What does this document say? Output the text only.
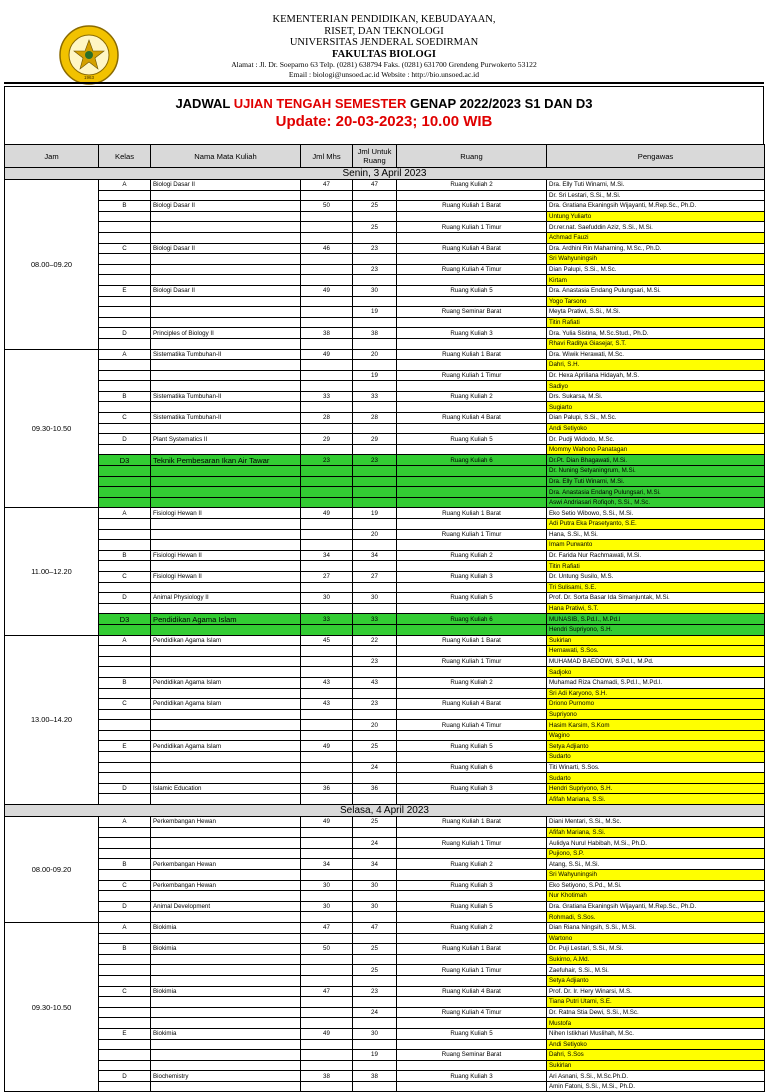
1963
KEMENTERIAN PENDIDIKAN, KEBUDAYAAN,
RISET, DAN TEKNOLOGI
UNIVERSITAS JENDERAL SOEDIRMAN
FAKULTAS BIOLOGI
Alamat : Jl. Dr. Soeparno 63 Telp. (0281) 638794 Faks. (0281) 631700 Grendeng Purwokerto 53122
Email : biologi@unsoed.ac.id Website : http://bio.unsoed.ac.id
JADWAL UJIAN TENGAH SEMESTER GENAP 2022/2023 S1 DAN D3
Update: 20-03-2023; 10.00 WIB
Jam	Kelas	Nama Mata Kuliah	Jml Mhs	Jml Untuk Ruang	Ruang	Pengawas
Senin, 3 April 2023						
08.00–09.20	A	Biologi Dasar II	47	47	Ruang Kuliah 2	Dra. Elly Tuti Winarni, M.Si.
						Dr. Sri Lestari, S.Si., M.Si.
	B	Biologi Dasar II	50	25	Ruang Kuliah 1 Barat	Dra. Gratiana Ekaningsih Wijayanti, M.Rep.Sc., Ph.D.
						Untung Yuliarto
				25	Ruang Kuliah 1 Timur	Dr.rer.nat. Saefuddin Aziz, S.Si., M.Si.
						Achmad Fauzi
	C	Biologi Dasar II	46	23	Ruang Kuliah 4 Barat	Dra. Ardhini Rin Maharning, M.Sc., Ph.D.
						Sri Wahyuningsih
				23	Ruang Kuliah 4 Timur	Dian Palupi, S.Si., M.Sc.
						Kirtam
	E	Biologi Dasar II	49	30	Ruang Kuliah 5	Dra. Anastasia Endang Pulungsari, M.Si.
						Yogo Tarsono
				19	Ruang Seminar Barat	Meyta Pratiwi, S.Si., M.Si.
						Titin Rafiati
	D	Principles of Biology II	38	38	Ruang Kuliah 3	Dra. Yulia Sistina, M.Sc.Stud., Ph.D.
						Rhavi Raditya Giasejar, S.T.
09.30-10.50	A	Sistematika Tumbuhan-II	49	20	Ruang Kuliah 1 Barat	Dra. Wiwik Herawati, M.Sc.
						Dahri, S.H.
				19	Ruang Kuliah 1 Timur	Dr. Hexa Apriliana Hidayah, M.S.
						Sadiyo
	B	Sistematika Tumbuhan-II	33	33	Ruang Kuliah 2	Drs. Sukarsa, M.Si.
						Sugiarto
	C	Sistematika Tumbuhan-II	28	28	Ruang Kuliah 4 Barat	Dian Palupi, S.Si., M.Sc.
						Andi Setiyoko
	D	Plant Systematics II	29	29	Ruang Kuliah 5	Dr. Pudji Widodo, M.Sc.
						Mommy Wahono Panatagan
	D3	Teknik Pembesaran Ikan Air Tawar	23	23	Ruang Kuliah 6	Dr.Pt. Dian Bhagawati, M.Si.
						Dr. Nuning Setyaningrum, M.Si.
						Dra. Elly Tuti Winarni, M.Si.
						Dra. Anastasia Endang Pulungsari, M.Si.
						Aswi Andriasari Rofiqoh, S.Si., M.Sc.
11.00–12.20	A	Fisiologi Hewan II	49	19	Ruang Kuliah 1 Barat	Eko Setio Wibowo, S.Si., M.Si.
						Adi Putra Eka Prasetyanto, S.E.
				20	Ruang Kuliah 1 Timur	Hana, S.Si., M.Si.
						Imam Purwanto
	B	Fisiologi Hewan II	34	34	Ruang Kuliah 2	Dr. Farida Nur Rachmawati, M.Si.
						Titin Rafiati
	C	Fisiologi Hewan II	27	27	Ruang Kuliah 3	Dr. Untung Susilo, M.S.
						Tri Sulisami, S.E.
	D	Animal Physiology II	30	30	Ruang Kuliah 5	Prof. Dr. Sorta Basar Ida Simanjuntak, M.Si.
						Hana Pratiwi, S.T.
	D3	Pendidikan Agama Islam	33	33	Ruang Kuliah 6	MUNASIB, S.Pd.I., M.Pd.I
						Hendri Supriyono, S.H.
13.00–14.20	A	Pendidikan Agama Islam	45	22	Ruang Kuliah 1 Barat	Sukirlan
						Hernawati, S.Sos.
				23	Ruang Kuliah 1 Timur	MUHAMAD BAEDOWI, S.Pd.I., M.Pd.
						Sadjoko
	B	Pendidikan Agama Islam	43	43	Ruang Kuliah 2	Muhamad Riza Chamadi, S.Pd.I., M.Pd.I.
						Sri Adi Karyono, S.H.
	C	Pendidikan Agama Islam	43	23	Ruang Kuliah 4 Barat	Driono Purnomo
						Supriyono
				20	Ruang Kuliah 4 Timur	Hasim Karsim, S.Kom
						Wagino
	E	Pendidikan Agama Islam	49	25	Ruang Kuliah 5	Setya Adjianto
						Sudarto
				24	Ruang Kuliah 6	Titi Winarti, S.Sos.
						Sudarto
	D	Islamic Education	36	36	Ruang Kuliah 3	Hendri Supriyono, S.H.
						Afifah Mariana, S.Si.
Selasa, 4 April 2023						
08.00-09.20	A	Perkembangan Hewan	49	25	Ruang Kuliah 1 Barat	Diani Mentari, S.Si., M.Sc.
						Afifah Mariana, S.Si.
				24	Ruang Kuliah 1 Timur	Aulidya Nurul Habibah, M.Si., Ph.D.
						Pujiono, S.P.
	B	Perkembangan Hewan	34	34	Ruang Kuliah 2	Atang, S.Si., M.Si.
						Sri Wahyuningsih
	C	Perkembangan Hewan	30	30	Ruang Kuliah 3	Eko Setiyono, S.Pd., M.Si.
						Nur Khotimah
	D	Animal Development	30	30	Ruang Kuliah 5	Dra. Gratiana Ekaningsih Wijayanti, M.Rep.Sc., Ph.D.
						Rohmadi, S.Sos.
09.30-10.50	A	Biokimia	47	47	Ruang Kuliah 2	Dian Riana Ningsih, S.Si., M.Si.
						Wartono
	B	Biokimia	50	25	Ruang Kuliah 1 Barat	Dr. Puji Lestari, S.Si., M.Si.
						Sukirno, A.Md.
				25	Ruang Kuliah 1 Timur	Zaefuhair, S.Si., M.Si.
						Setya Adjianto
	C	Biokimia	47	23	Ruang Kuliah 4 Barat	Prof. Dr. Ir. Hery Winarsi, M.S.
						Tiana Putri Utami, S.E.
				24	Ruang Kuliah 4 Timur	Dr. Ratna Stia Dewi, S.Si., M.Sc.
						Mustofa
	E	Biokimia	49	30	Ruang Kuliah 5	Nihen Istikhari Muslihah, M.Sc.
						Andi Setiyoko
				19	Ruang Seminar Barat	Dahri, S.Sos
						Sukirlan
	D	Biochemistry	38	38	Ruang Kuliah 3	Ari Asnani, S.Si., M.Sc.Ph.D.
						Amin Fatoni, S.Si., M.Si., Ph.D.
